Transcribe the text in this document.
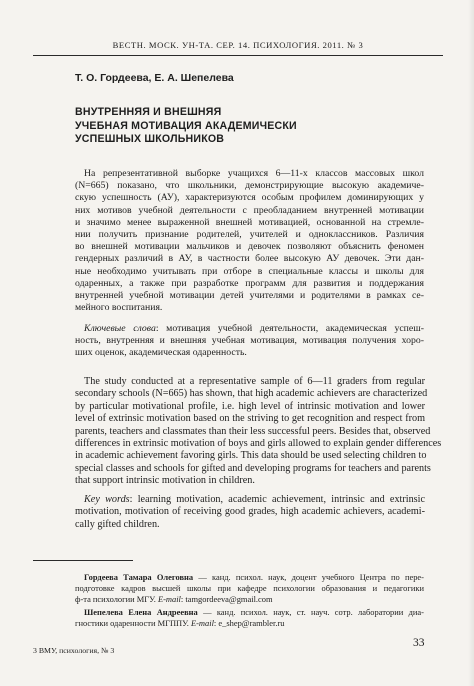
ВЕСТН. МОСК. УН-ТА. СЕР. 14. ПСИХОЛОГИЯ. 2011. № 3
Т. О. Гордеева, Е. А. Шепелева
ВНУТРЕННЯЯ И ВНЕШНЯЯ
УЧЕБНАЯ МОТИВАЦИЯ АКАДЕМИЧЕСКИ
УСПЕШНЫХ ШКОЛЬНИКОВ
На репрезентативной выборке учащихся 6—11-х классов массовых школ
(N=665) показано, что школьники, демонстрирующие высокую академиче-
скую успешность (АУ), характеризуются особым профилем доминирующих у
них мотивов учебной деятельности с преобладанием внутренней мотивации
и значимо менее выраженной внешней мотивацией, основанной на стремле-
нии получить признание родителей, учителей и одноклассников. Различия
во внешней мотивации мальчиков и девочек позволяют объяснить феномен
гендерных различий в АУ, в частности более высокую АУ девочек. Эти дан-
ные необходимо учитывать при отборе в специальные классы и школы для
одаренных, а также при разработке программ для развития и поддержания
внутренней учебной мотивации детей учителями и родителями в рамках се-
мейного воспитания.
Ключевые слова: мотивация учебной деятельности, академическая успеш-
ность, внутренняя и внешняя учебная мотивация, мотивация получения хоро-
ших оценок, академическая одаренность.
The study conducted at a representative sample of 6—11 graders from regular
secondary schools (N=665) has shown, that high academic achievers are characterized
by particular motivational profile, i.e. high level of intrinsic motivation and lower
level of extrinsic motivation based on the striving to get recognition and respect from
parents, teachers and classmates than their less successful peers. Besides that, observed
differences in extrinsic motivation of boys and girls allowed to explain gender differences
in academic achievement favoring girls. This data should be used selecting children to
special classes and schools for gifted and developing programs for teachers and parents
that support intrinsic motivation in children.
Key words: learning motivation, academic achievement, intrinsic and extrinsic
motivation, motivation of receiving good grades, high academic achievers, academi-
cally gifted children.
Гордеева Тамара Олеговна — канд. психол. наук, доцент учебного Центра по пере-
подготовке кадров высшей школы при кафедре психологии образования и педагогики
ф-та психологии МГУ. E-mail: tamgordeeva@gmail.com
Шепелева Елена Андреевна — канд. психол. наук, ст. науч. сотр. лаборатории диа-
гностики одаренности МГППУ. E-mail: e_shep@rambler.ru
33
3 ВМУ, психология, № 3
